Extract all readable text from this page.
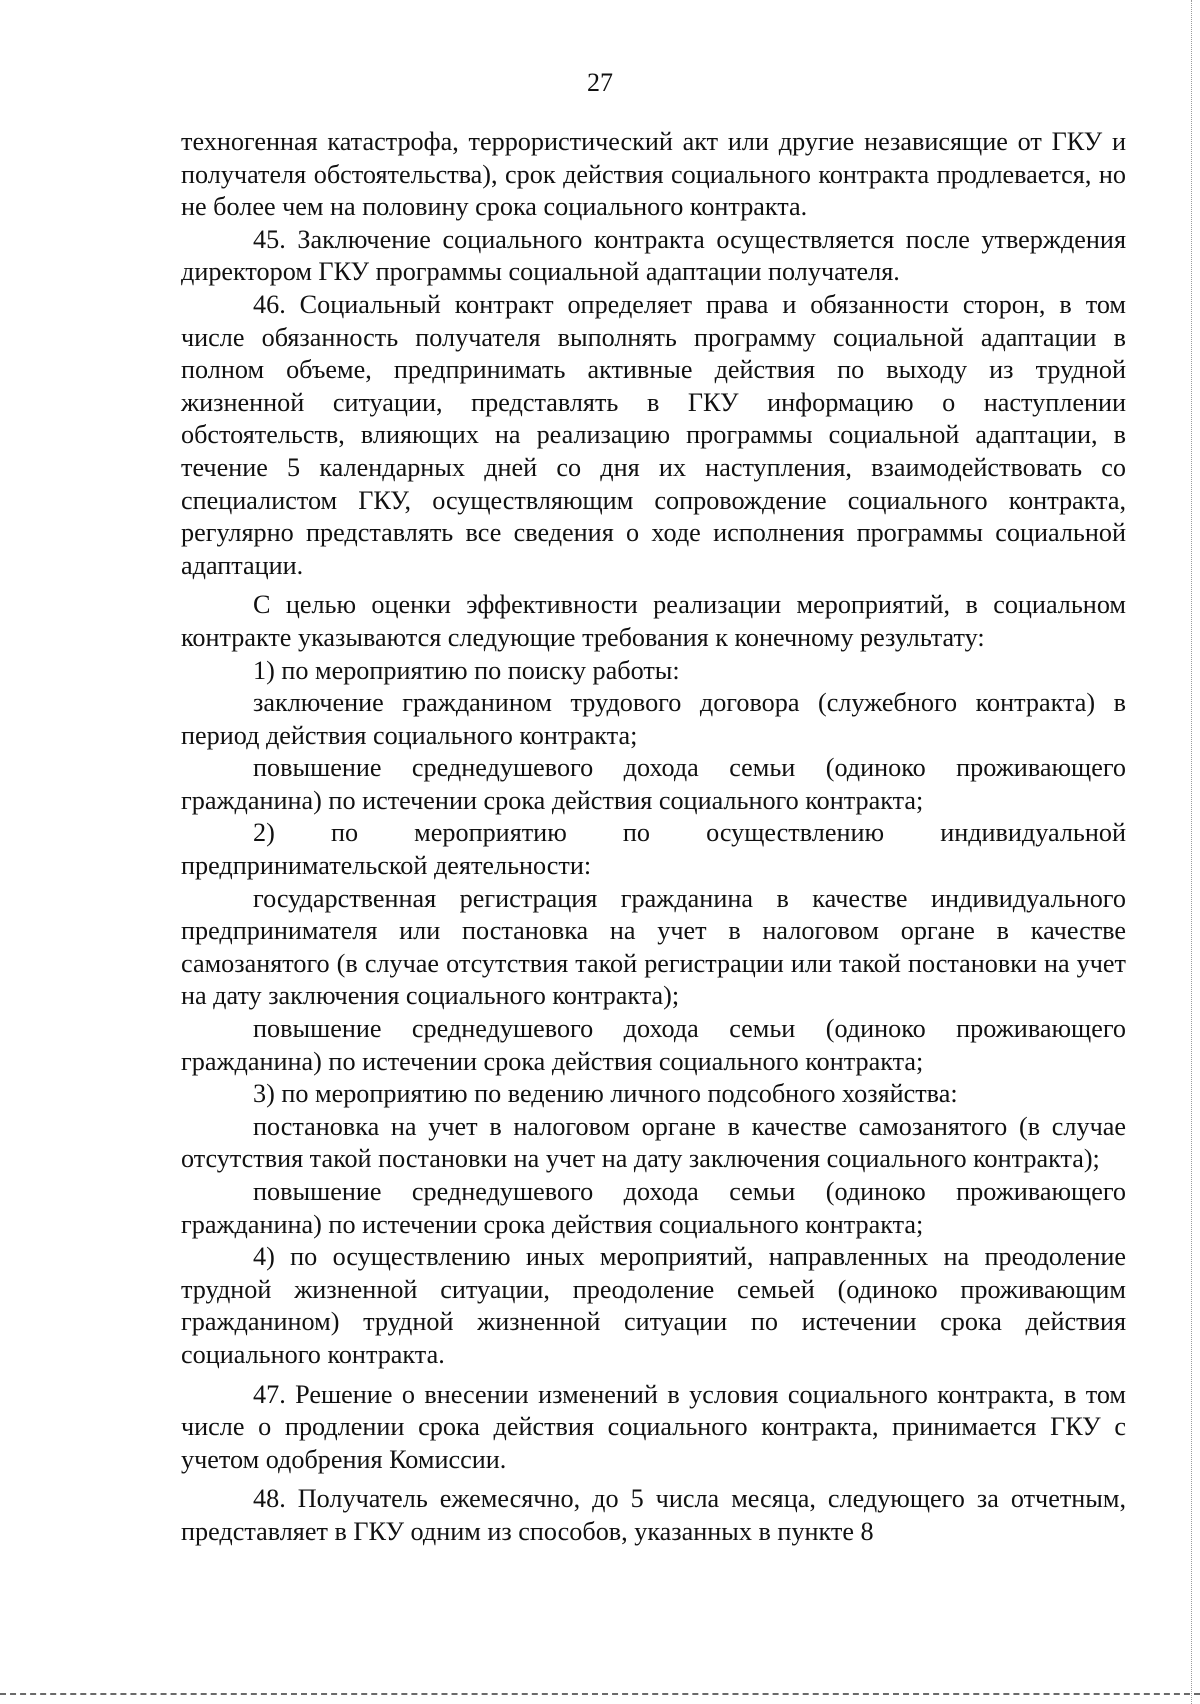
27

техногенная катастрофа, террористический акт или другие независящие от ГКУ и получателя обстоятельства), срок действия социального контракта продлевается, но не более чем на половину срока социального контракта.

45. Заключение социального контракта осуществляется после утверждения директором ГКУ программы социальной адаптации получателя.

46. Социальный контракт определяет права и обязанности сторон, в том числе обязанность получателя выполнять программу социальной адаптации в полном объеме, предпринимать активные действия по выходу из трудной жизненной ситуации, представлять в ГКУ информацию о наступлении обстоятельств, влияющих на реализацию программы социальной адаптации, в течение 5 календарных дней со дня их наступления, взаимодействовать со специалистом ГКУ, осуществляющим сопровождение социального контракта, регулярно представлять все сведения о ходе исполнения программы социальной адаптации.

С целью оценки эффективности реализации мероприятий, в социальном контракте указываются следующие требования к конечному результату:

1) по мероприятию по поиску работы:

заключение гражданином трудового договора (служебного контракта) в период действия социального контракта;

повышение среднедушевого дохода семьи (одиноко проживающего гражданина) по истечении срока действия социального контракта;

2) по мероприятию по осуществлению индивидуальной предпринимательской деятельности:

государственная регистрация гражданина в качестве индивидуального предпринимателя или постановка на учет в налоговом органе в качестве самозанятого (в случае отсутствия такой регистрации или такой постановки на учет на дату заключения социального контракта);

повышение среднедушевого дохода семьи (одиноко проживающего гражданина) по истечении срока действия социального контракта;

3) по мероприятию по ведению личного подсобного хозяйства:

постановка на учет в налоговом органе в качестве самозанятого (в случае отсутствия такой постановки на учет на дату заключения социального контракта);

повышение среднедушевого дохода семьи (одиноко проживающего гражданина) по истечении срока действия социального контракта;

4) по осуществлению иных мероприятий, направленных на преодоление трудной жизненной ситуации, преодоление семьей (одиноко проживающим гражданином) трудной жизненной ситуации по истечении срока действия социального контракта.

47. Решение о внесении изменений в условия социального контракта, в том числе о продлении срока действия социального контракта, принимается ГКУ с учетом одобрения Комиссии.

48. Получатель ежемесячно, до 5 числа месяца, следующего за отчетным, представляет в ГКУ одним из способов, указанных в пункте 8
